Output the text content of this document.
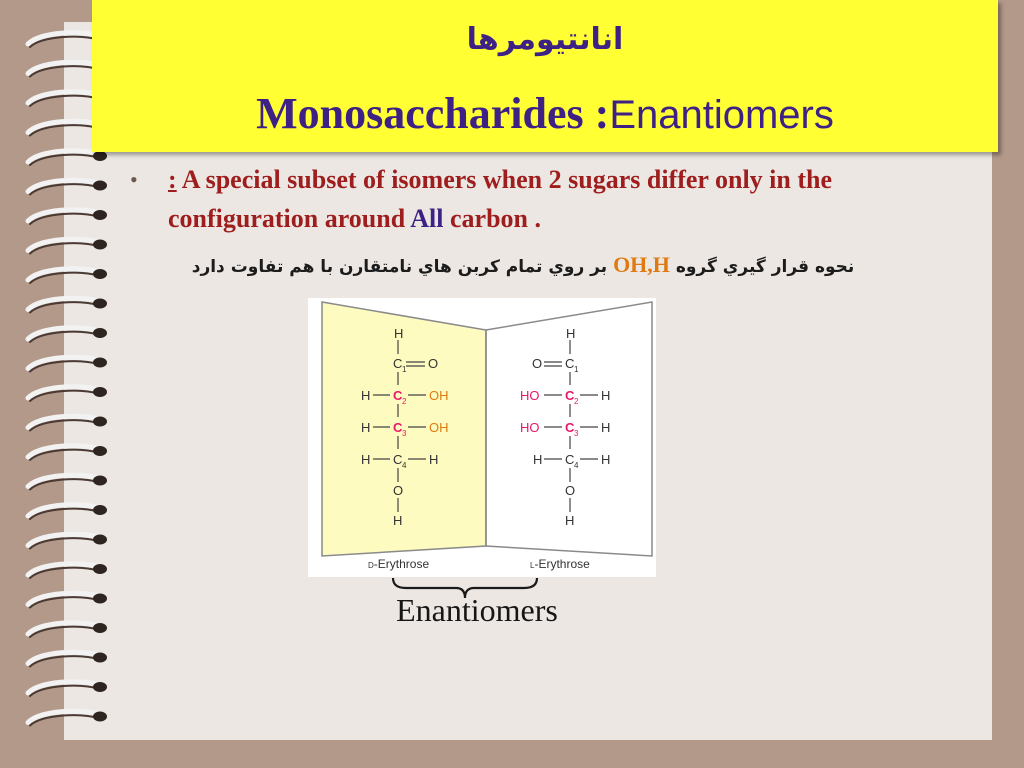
انانتیومرها
Monosaccharides :Enantiomers
•	: A special subset of isomers when 2 sugars differ only in the configuration around All carbon .
نحوه قرار گيري گروه OH,H بر روي تمام كربن هاي نامتقارن با هم تفاوت دارد
H
C 1 O
H C 2 OH
H C 3 OH
H C 4 H
O
H
H
O C 1
HO C 2 H
HO C 3 H
H C 4 H
O
H
D-Erythrose	L-Erythrose
Enantiomers
